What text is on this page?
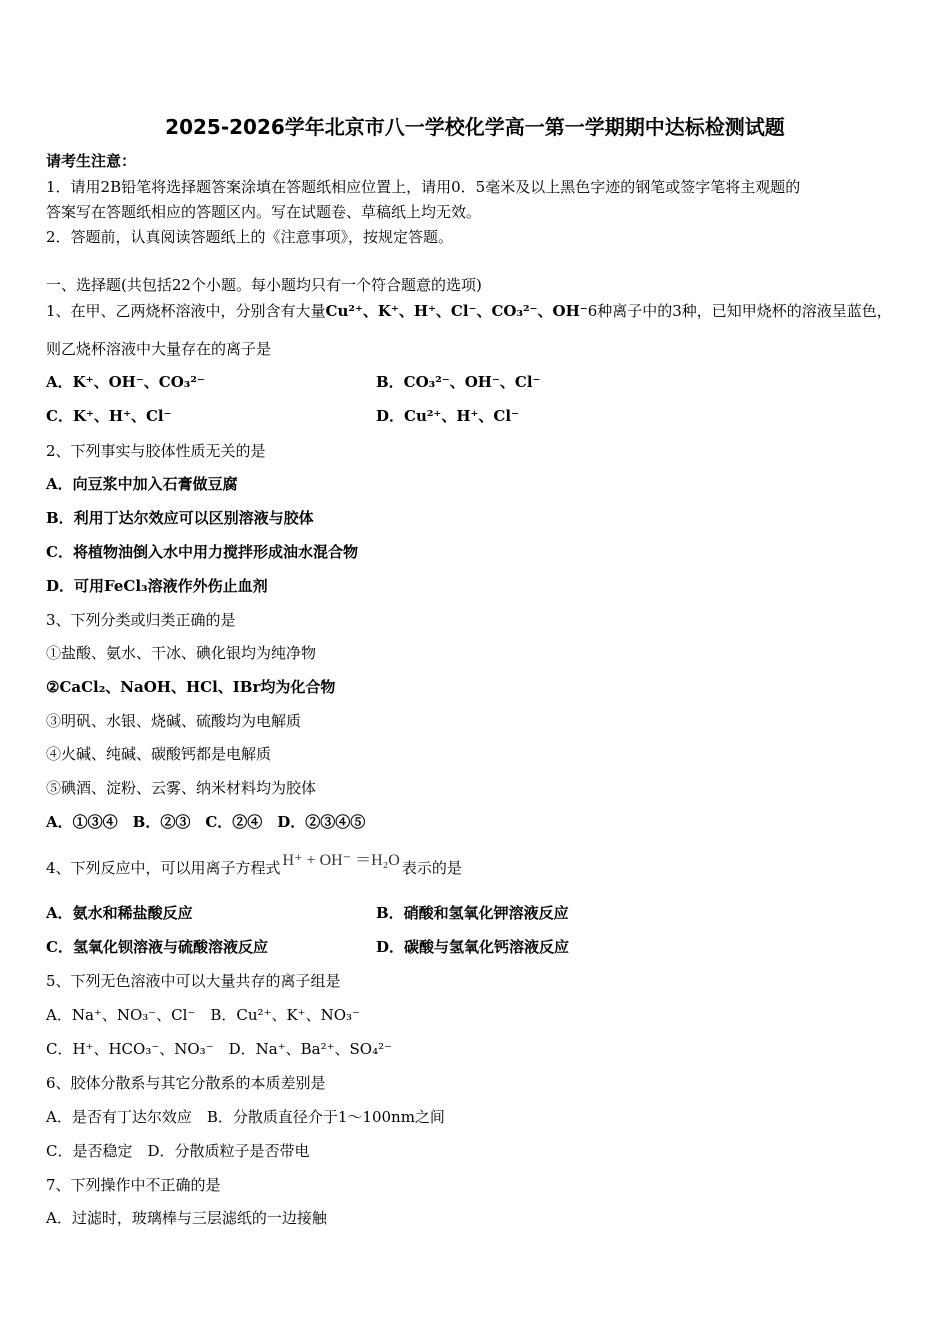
2025-2026学年北京市八一学校化学高一第一学期期中达标检测试题
请考生注意：
1．请用2B铅笔将选择题答案涂填在答题纸相应位置上，请用0．5毫米及以上黑色字迹的钢笔或签字笔将主观题的
答案写在答题纸相应的答题区内。写在试题卷、草稿纸上均无效。
2．答题前，认真阅读答题纸上的《注意事项》，按规定答题。
一、选择题(共包括22个小题。每小题均只有一个符合题意的选项)
1、在甲、乙两烧杯溶液中，分别含有大量Cu²⁺、K⁺、H⁺、Cl⁻、CO₃²⁻、OH⁻6种离子中的3种，已知甲烧杯的溶液呈蓝色，
则乙烧杯溶液中大量存在的离子是
A．K⁺、OH⁻、CO₃²⁻	B．CO₃²⁻、OH⁻、Cl⁻
C．K⁺、H⁺、Cl⁻	D．Cu²⁺、H⁺、Cl⁻
2、下列事实与胶体性质无关的是
A．向豆浆中加入石膏做豆腐
B．利用丁达尔效应可以区别溶液与胶体
C．将植物油倒入水中用力搅拌形成油水混合物
D．可用FeCl₃溶液作外伤止血剂
3、下列分类或归类正确的是
①盐酸、氨水、干冰、碘化银均为纯净物
②CaCl₂、NaOH、HCl、IBr均为化合物
③明矾、水银、烧碱、硫酸均为电解质
④火碱、纯碱、碳酸钙都是电解质
⑤碘酒、淀粉、云雾、纳米材料均为胶体
A．①③④　B．②③　C．②④　D．②③④⑤
4、下列反应中，可以用离子方程式 H⁺ + OH⁻ ＝H₂O 表示的是
A．氨水和稀盐酸反应	B．硝酸和氢氧化钾溶液反应
C．氢氧化钡溶液与硫酸溶液反应	D．碳酸与氢氧化钙溶液反应
5、下列无色溶液中可以大量共存的离子组是
A．Na⁺、NO₃⁻、Cl⁻　B．Cu²⁺、K⁺、NO₃⁻
C．H⁺、HCO₃⁻、NO₃⁻　D．Na⁺、Ba²⁺、SO₄²⁻
6、胶体分散系与其它分散系的本质差别是
A．是否有丁达尔效应　B．分散质直径介于1～100nm之间
C．是否稳定　D．分散质粒子是否带电
7、下列操作中不正确的是
A．过滤时，玻璃棒与三层滤纸的一边接触
